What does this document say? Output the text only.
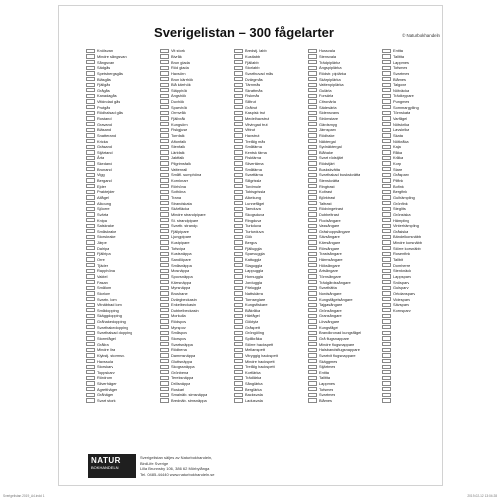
Sverigelistan – 300 fågelarter	© Naturbokhandeln
Knölsvan
Mindre sångsvan
Sångsvan
Sädgås
Spetsbergsgås
Bläsgås
Fjällgås
Grågås
Kanadagås
Vitkindad gås
Prutgås
Rödhalsad gås
Rostand
Gravand
Bläsand
Snatterand
Kricka
Gräsand
Stjärtand
Årta
Skedand
Brunand
Vigg
Bergand
Ejder
Praktejder
Alfågel
Alkoung
Sjöorre
Svärta
Knipa
Salskrake
Småskrake
Storskrake
Järpe
Dalripa
Fjällripa
Orre
Tjäder
Rapphöna
Vaktel
Fasan
Smålom
Storlom
Svartn. lom
Vitnäbbad lom
Smådopping
Skäggdopping
Gråhakedopping
Svarthakedopping
Svarthalsad dopping
Stormfågel
Grålira
Mindre lira
Klykstj. stormsv.
Havssula
Storskarv
Toppskarv
Rördrom
Silverhäger
Ägretthäger
Gråhäger
Svart stork
Vit stork
Bivråk
Brun glada
Röd glada
Havsörn
Brun kärrhök
Blå kärrhök
Stäpphök
Ängshök
Duvhök
Sparvhök
Ormvråk
Fjällvråk
Kungsörn
Fiskgjuse
Tornfalk
Aftonfalk
Stenfalk
Lärkfalk
Jaktfalk
Pilgrimsfalk
Vattenrall
Småfl. sumphöna
Kornknarr
Rörhöna
Sothöna
Trana
Strandskata
Skärfläcka
Mindre strandpipare
St. strandpipare
Svartb. strandp.
Fjällpipare
Ljungpipare
Kustpipare
Tofsvipa
Kustsnäppa
Sandlöpare
Småsnäppa
Mosnäppa
Spovsnäppa
Kärrsnäppa
Myrsnäppa
Brushane
Dvärgbeckasin
Enkelbeckasin
Dubbelbeckasin
Morkulla
Rödspov
Myrspov
Småspov
Storspov
Svartsnäppa
Rödbena
Dammsnäppa
Gluttsnäppa
Skogssnäppa
Grönbena
Tereksnäppa
Drillsnäppa
Roskarl
Smalnäb. simsnäppa
Brednäb. simsnäppa
Bredstj. labb
Kustlabb
Fjällabb
Storlabb
Svarthuvad mås
Dvärgmås
Tärnmås
Skrattmås
Fiskmås
Silltrut
Gråtrut
Kaspisk trut
Medelhavstrut
Vitvingad trut
Vittrut
Havstrut
Tretåig mås
Småtärna
Kentsk tärna
Fisktärna
Silvertärna
Småtärna
Svarttärna
Sillgrissla
Tordmule
Tobisgrissla
Alkekung
Lunnefågel
Tamduva
Skogsduva
Ringduva
Turkduva
Turturduva
Gök
Berguv
Fjälluggla
Sparvuggla
Kattuggla
Slaguggla
Lappuggla
Hornuggla
Jorduggla
Pärluggla
Nattskärra
Tornseglare
Kungsfiskare
Blåkråka
Härfågel
Göktyta
Gråspett
Gröngöling
Spillkråka
Större hackspett
Mellanspett
Vitryggig hackspett
Mindre hackspett
Tretåig hackspett
Kortlärka
Trädlärka
Sånglärka
Berglärka
Backsvala
Ladusvala
Hussvala
Stensvala
Trädpiplärka
Ängspiplärka
Rödstr. piplärka
Skärpiplärka
Vattenpiplärka
Gulärla
Forsärla
Citronärla
Sädesärla
Sidensvans
Strömstare
Gärdsmyg
Järnsparv
Rödhake
Näktergal
Sydnäktergal
Blåhake
Svart rödstjärt
Rödstjärt
Buskskvätta
Svarthakad buskskvätta
Stenskvätta
Ringtrast
Koltrast
Björktrast
Taltrast
Rödvingetrast
Dubbeltrast
Flodsångare
Vassångare
Gräshoppsångare
Sävsångare
Kärrsångare
Rörsångare
Trastsångare
Härmsångare
Höksångare
Ärtsångare
Törnsångare
Trädgårdssångare
Svarthätta
Nordsångare
Kungsfågelsångare
Tajgasångare
Grönsångare
Gransångare
Lövsångare
Kungsfågel
Brandkronad kungsfågel
Grå flugsnappare
Mindre flugsnappare
Halsbandsflugsnappare
Svartvit flugsnappare
Skäggmes
Stjärtmes
Entita
Talltita
Lappmes
Tofsmes
Svartmes
Blåmes
Entita
Talltita
Lappmes
Tofsmes
Svartmes
Blåmes
Talgoxe
Nötväcka
Trädkrypare
Pungmes
Sommargylling
Törnskata
Varfågel
Nötskrika
Lavskrika
Skata
Nötkråka
Kaja
Råka
Kråka
Korp
Stare
Gråsparv
Pilfink
Bofink
Bergfink
Gulhämpling
Grönfink
Steglits
Grönsiska
Hämpling
Vinterhämpling
Gråsiska
Bändelkorsnäbb
Mindre korsnäbb
Större korsnäbb
Rosenfink
Tallbit
Domherre
Stenknäck
Lappsparv
Snösparv
Gulsparv
Ortolansparv
Videsparv
Sävsparv
Kornsparv
NATUR
BOKHANDELN
Sverigelistan säljes av Naturbokhandeln,
BirdLife Sverige
Lilla Brunnsby 106, 386 62 Mörbylånga
Tel. 0485-44440 www.naturbokhandeln.se
Sverigelistan 2019_A4.indd 1	2019-02-12 13:04:28
